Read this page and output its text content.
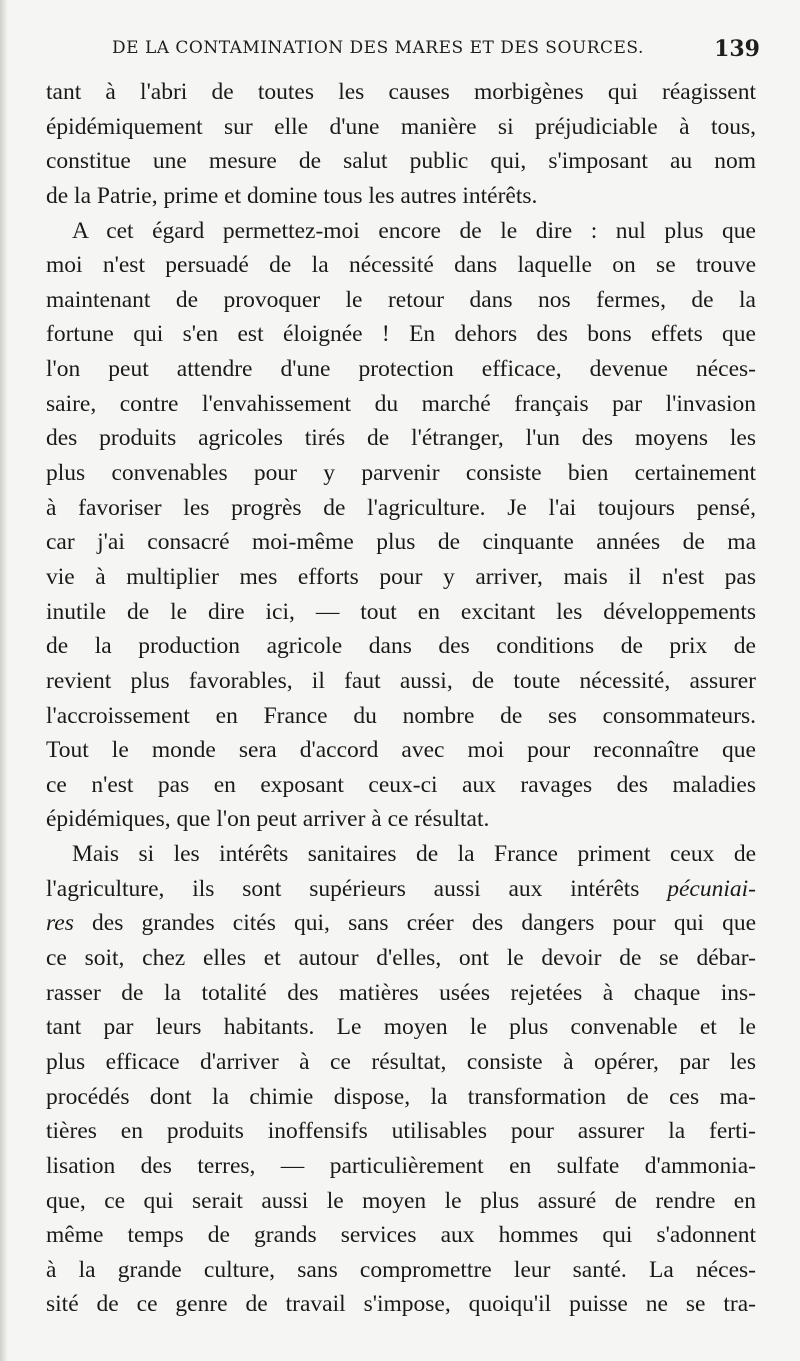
DE LA CONTAMINATION DES MARES ET DES SOURCES.	139
tant à l'abri de toutes les causes morbigènes qui réagissent
épidémiquement sur elle d'une manière si préjudiciable à tous,
constitue une mesure de salut public qui, s'imposant au nom
de la Patrie, prime et domine tous les autres intérêts.
A cet égard permettez-moi encore de le dire : nul plus que
moi n'est persuadé de la nécessité dans laquelle on se trouve
maintenant de provoquer le retour dans nos fermes, de la
fortune qui s'en est éloignée ! En dehors des bons effets que
l'on peut attendre d'une protection efficace, devenue néces-
saire, contre l'envahissement du marché français par l'invasion
des produits agricoles tirés de l'étranger, l'un des moyens les
plus convenables pour y parvenir consiste bien certainement
à favoriser les progrès de l'agriculture. Je l'ai toujours pensé,
car j'ai consacré moi-même plus de cinquante années de ma
vie à multiplier mes efforts pour y arriver, mais il n'est pas
inutile de le dire ici, — tout en excitant les développements
de la production agricole dans des conditions de prix de
revient plus favorables, il faut aussi, de toute nécessité, assurer
l'accroissement en France du nombre de ses consommateurs.
Tout le monde sera d'accord avec moi pour reconnaître que
ce n'est pas en exposant ceux-ci aux ravages des maladies
épidémiques, que l'on peut arriver à ce résultat.
Mais si les intérêts sanitaires de la France priment ceux de
l'agriculture, ils sont supérieurs aussi aux intérêts pécuniai-
res des grandes cités qui, sans créer des dangers pour qui que
ce soit, chez elles et autour d'elles, ont le devoir de se débar-
rasser de la totalité des matières usées rejetées à chaque ins-
tant par leurs habitants. Le moyen le plus convenable et le
plus efficace d'arriver à ce résultat, consiste à opérer, par les
procédés dont la chimie dispose, la transformation de ces ma-
tières en produits inoffensifs utilisables pour assurer la ferti-
lisation des terres, — particulièrement en sulfate d'ammonia-
que, ce qui serait aussi le moyen le plus assuré de rendre en
même temps de grands services aux hommes qui s'adonnent
à la grande culture, sans compromettre leur santé. La néces-
sité de ce genre de travail s'impose, quoiqu'il puisse ne se tra-
